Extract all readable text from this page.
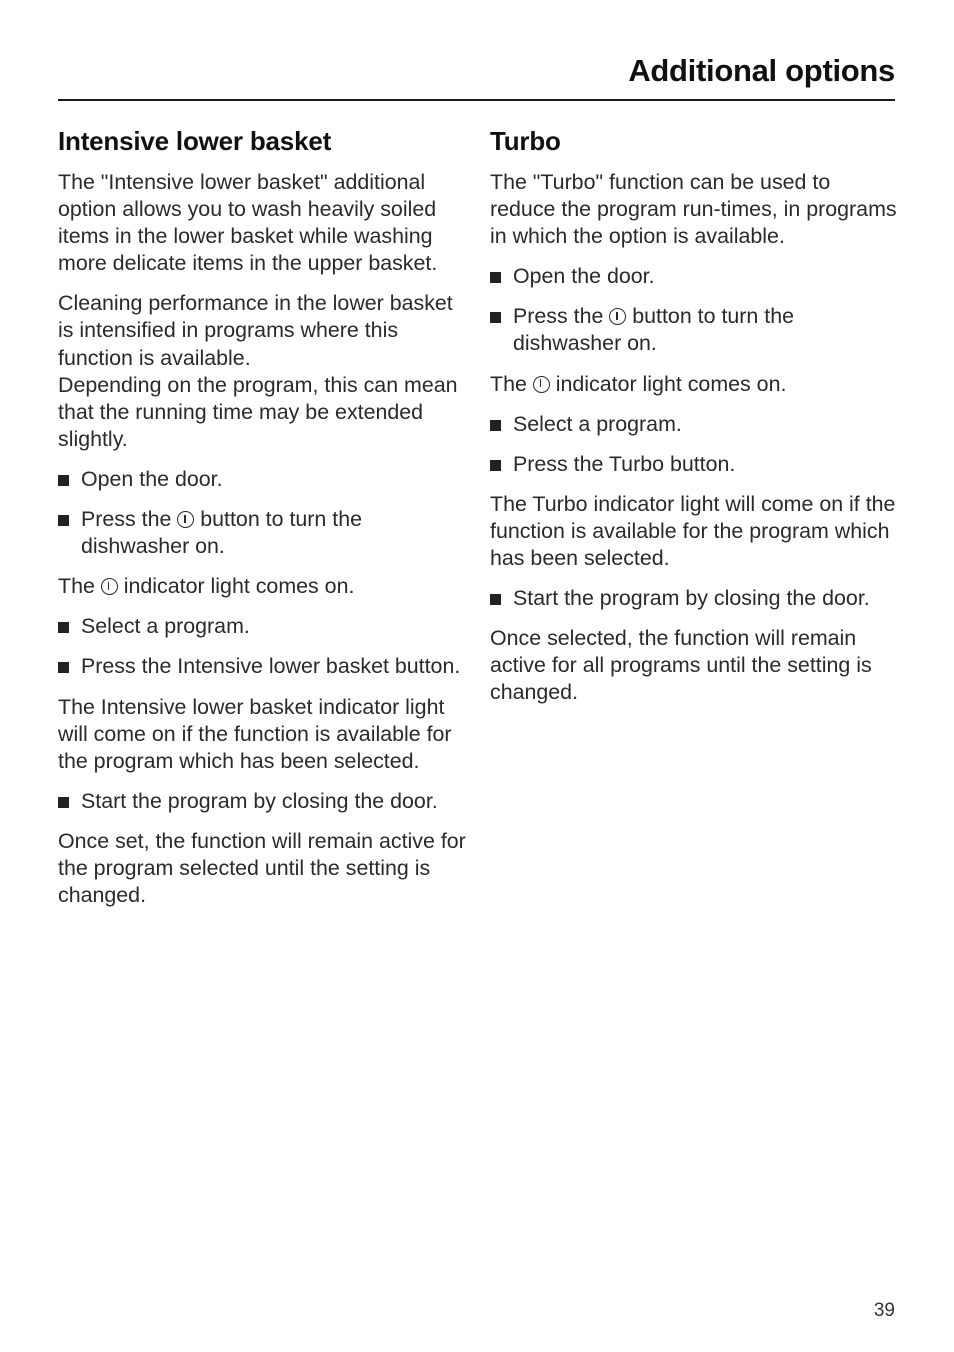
Additional options
Intensive lower basket

The "Intensive lower basket" additional option allows you to wash heavily soiled items in the lower basket while washing more delicate items in the upper basket.

Cleaning performance in the lower basket is intensified in programs where this function is available.
Depending on the program, this can mean that the running time may be extended slightly.

Open the door.
Press the  button to turn the dishwasher on.

The  indicator light comes on.

Select a program.
Press the Intensive lower basket button.

The Intensive lower basket indicator light will come on if the function is available for the program which has been selected.

Start the program by closing the door.

Once set, the function will remain active for the program selected until the setting is changed.

Turbo

The "Turbo" function can be used to reduce the program run-times, in programs in which the option is available.

Open the door.
Press the  button to turn the dishwasher on.

The  indicator light comes on.

Select a program.
Press the Turbo button.

The Turbo indicator light will come on if the function is available for the program which has been selected.

Start the program by closing the door.

Once selected, the function will remain active for all programs until the setting is changed.

39
